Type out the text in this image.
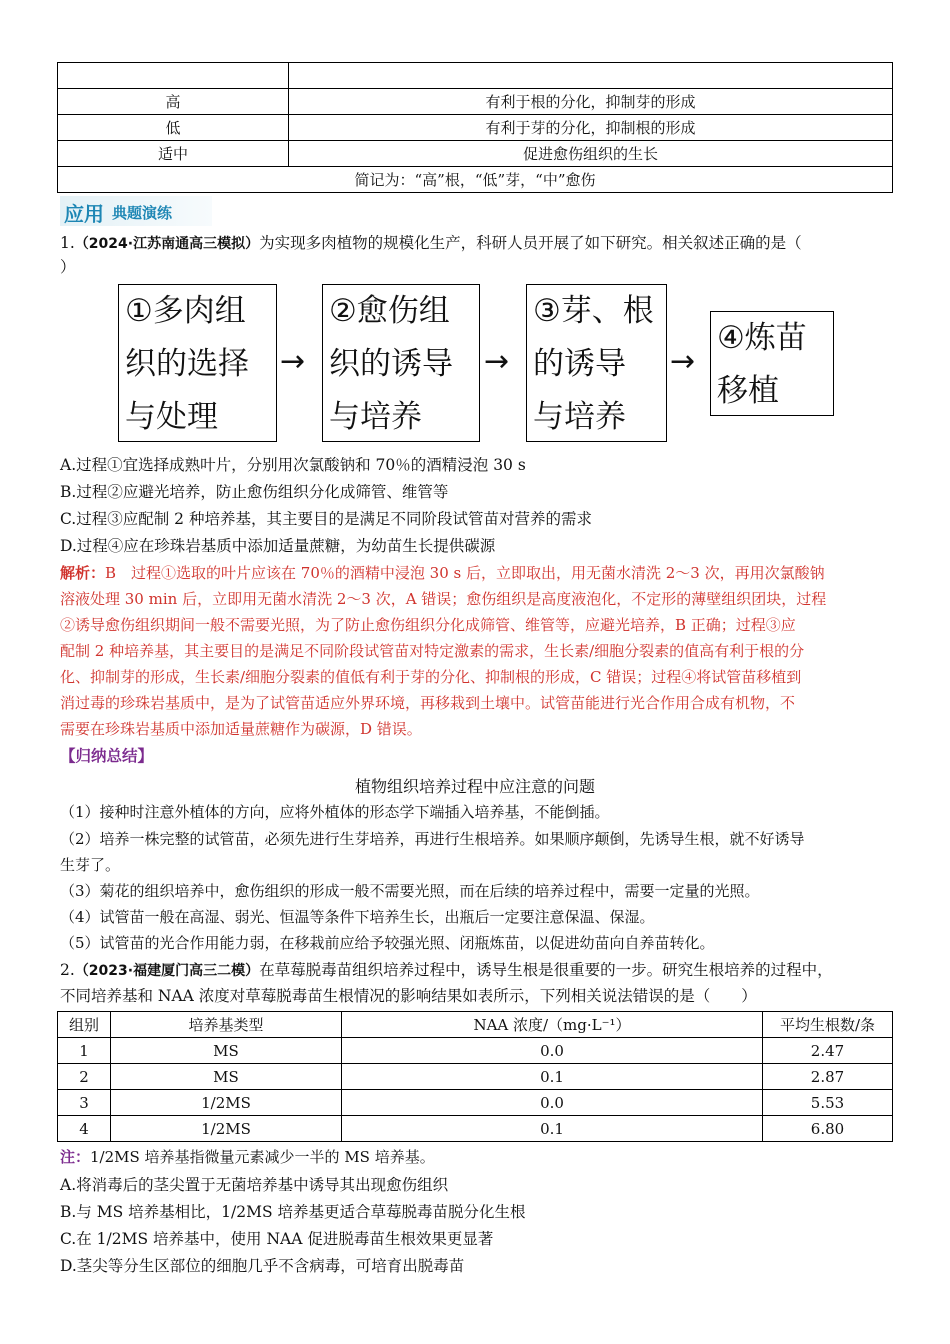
高	有利于根的分化，抑制芽的形成
低	有利于芽的分化，抑制根的形成
适中	促进愈伤组织的生长
简记为：“高”根，“低”芽，“中”愈伤	
应用 典题演练
1.（2024·江苏南通高三模拟）为实现多肉植物的规模化生产，科研人员开展了如下研究。相关叙述正确的是（
）
①多肉组
织的选择
与处理
→
②愈伤组
织的诱导
与培养
→
③芽、根
的诱导
与培养
→
④炼苗
移植
A.过程①宜选择成熟叶片，分别用次氯酸钠和 70％的酒精浸泡 30 s
B.过程②应避光培养，防止愈伤组织分化成筛管、维管等
C.过程③应配制 2 种培养基，其主要目的是满足不同阶段试管苗对营养的需求
D.过程④应在珍珠岩基质中添加适量蔗糖，为幼苗生长提供碳源
解析：B　过程①选取的叶片应该在 70％的酒精中浸泡 30 s 后，立即取出，用无菌水清洗 2～3 次，再用次氯酸钠
溶液处理 30 min 后，立即用无菌水清洗 2～3 次，A 错误；愈伤组织是高度液泡化，不定形的薄壁组织团块，过程
②诱导愈伤组织期间一般不需要光照，为了防止愈伤组织分化成筛管、维管等，应避光培养，B 正确；过程③应
配制 2 种培养基，其主要目的是满足不同阶段试管苗对特定激素的需求，生长素/细胞分裂素的值高有利于根的分
化、抑制芽的形成，生长素/细胞分裂素的值低有利于芽的分化、抑制根的形成，C 错误；过程④将试管苗移植到
消过毒的珍珠岩基质中，是为了试管苗适应外界环境，再移栽到土壤中。试管苗能进行光合作用合成有机物，不
需要在珍珠岩基质中添加适量蔗糖作为碳源，D 错误。
【归纳总结】
植物组织培养过程中应注意的问题
（1）接种时注意外植体的方向，应将外植体的形态学下端插入培养基，不能倒插。
（2）培养一株完整的试管苗，必须先进行生芽培养，再进行生根培养。如果顺序颠倒，先诱导生根，就不好诱导
生芽了。
（3）菊花的组织培养中，愈伤组织的形成一般不需要光照，而在后续的培养过程中，需要一定量的光照。
（4）试管苗一般在高湿、弱光、恒温等条件下培养生长，出瓶后一定要注意保温、保湿。
（5）试管苗的光合作用能力弱，在移栽前应给予较强光照、闭瓶炼苗，以促进幼苗向自养苗转化。
2.（2023·福建厦门高三二模）在草莓脱毒苗组织培养过程中，诱导生根是很重要的一步。研究生根培养的过程中，
不同培养基和 NAA 浓度对草莓脱毒苗生根情况的影响结果如表所示，下列相关说法错误的是（　　）
组别	培养基类型	NAA 浓度/（mg·L⁻¹）	平均生根数/条
1	MS	0.0	2.47
2	MS	0.1	2.87
3	1/2MS	0.0	5.53
4	1/2MS	0.1	6.80
注：1/2MS 培养基指微量元素减少一半的 MS 培养基。
A.将消毒后的茎尖置于无菌培养基中诱导其出现愈伤组织
B.与 MS 培养基相比，1/2MS 培养基更适合草莓脱毒苗脱分化生根
C.在 1/2MS 培养基中，使用 NAA 促进脱毒苗生根效果更显著
D.茎尖等分生区部位的细胞几乎不含病毒，可培育出脱毒苗
